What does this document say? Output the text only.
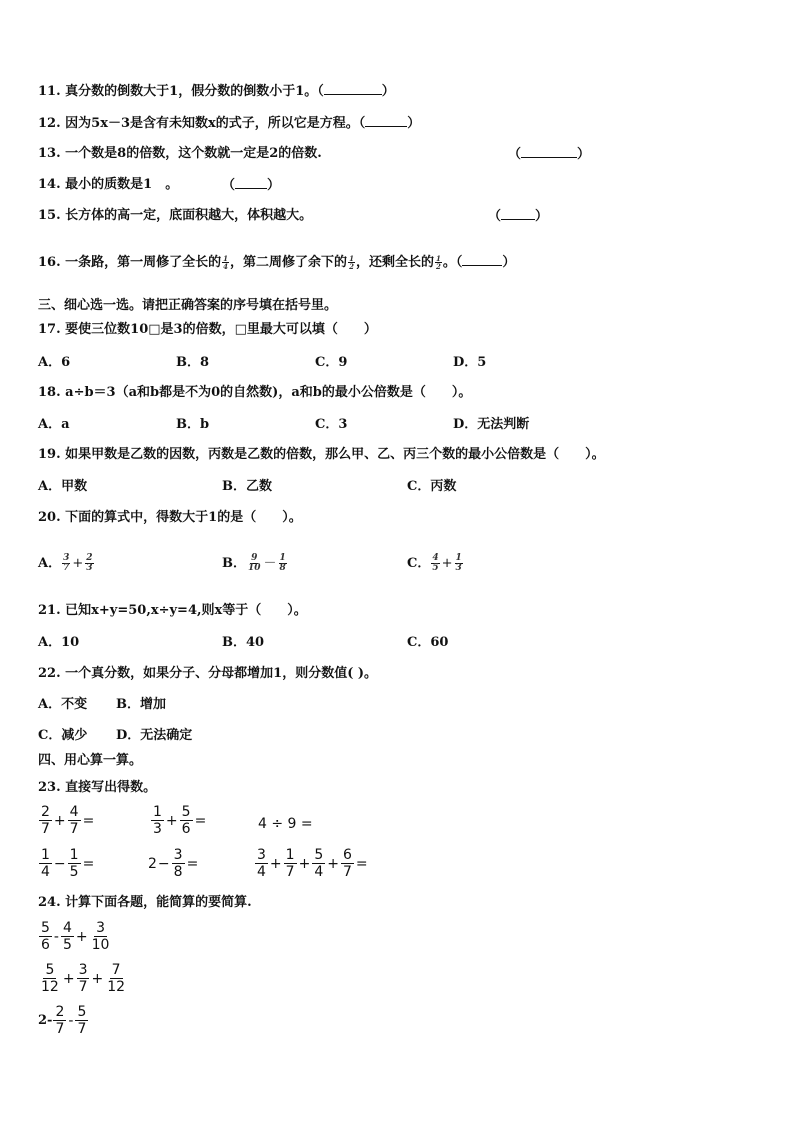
11. 真分数的倒数大于1，假分数的倒数小于1。（	）
12. 因为5x－3是含有未知数x的式子，所以它是方程。（	）
13. 一个数是8的倍数，这个数就一定是2的倍数.	（	）
14. 最小的质数是1　。	（ ）
15. 长方体的高一定，底面积越大，体积越大。	（	）
16. 一条路，第一周修了全长的 $\frac{1}{4}$ ，第二周修了余下的 $\frac{1}{2}$ ，还剩全长的 $\frac{1}{2}$ 。（	）
三、细心选一选。请把正确答案的序号填在括号里。
17. 要使三位数10□是3的倍数，□里最大可以填（　　）
A．6	B．8	C．9	D．5
18. a÷b＝3（a和b都是不为0的自然数)，a和b的最小公倍数是（　　）。
A．a	B．b	C．3	D．无法判断
19. 如果甲数是乙数的因数，丙数是乙数的倍数，那么甲、乙、丙三个数的最小公倍数是（　　）。
A．甲数	B．乙数	C．丙数
20. 下面的算式中，得数大于1的是（　　）。
A． $\frac{3}{7} + \frac{2}{3}$	B． $\frac{9}{10} - \frac{1}{8}$	C． $\frac{4}{5} + \frac{1}{3}$
21. 已知x+y=50,x÷y=4,则x等于（　　）。
A．10	B．40	C．60
22. 一个真分数，如果分子、分母都增加1，则分数值( )。
A．不变 B．增加
C．减少 D．无法确定
四、用心算一算。
23. 直接写出得数。
$\frac{2}{7} + \frac{4}{7}$ =	$\frac{1}{3} + \frac{5}{6}$ =	4 ÷ 9 =
$\frac{1}{4} - \frac{1}{5}$ =	$2 - \frac{3}{8}$ =	$\frac{3}{4} + \frac{1}{7} + \frac{5}{4} + \frac{6}{7}$ =
24. 计算下面各题，能简算的要简算.
$\frac{5}{6} - \frac{4}{5} + \frac{3}{10}$
$\frac{5}{12} + \frac{3}{7} + \frac{7}{12}$
$2- \frac{2}{7} - \frac{5}{7}$
